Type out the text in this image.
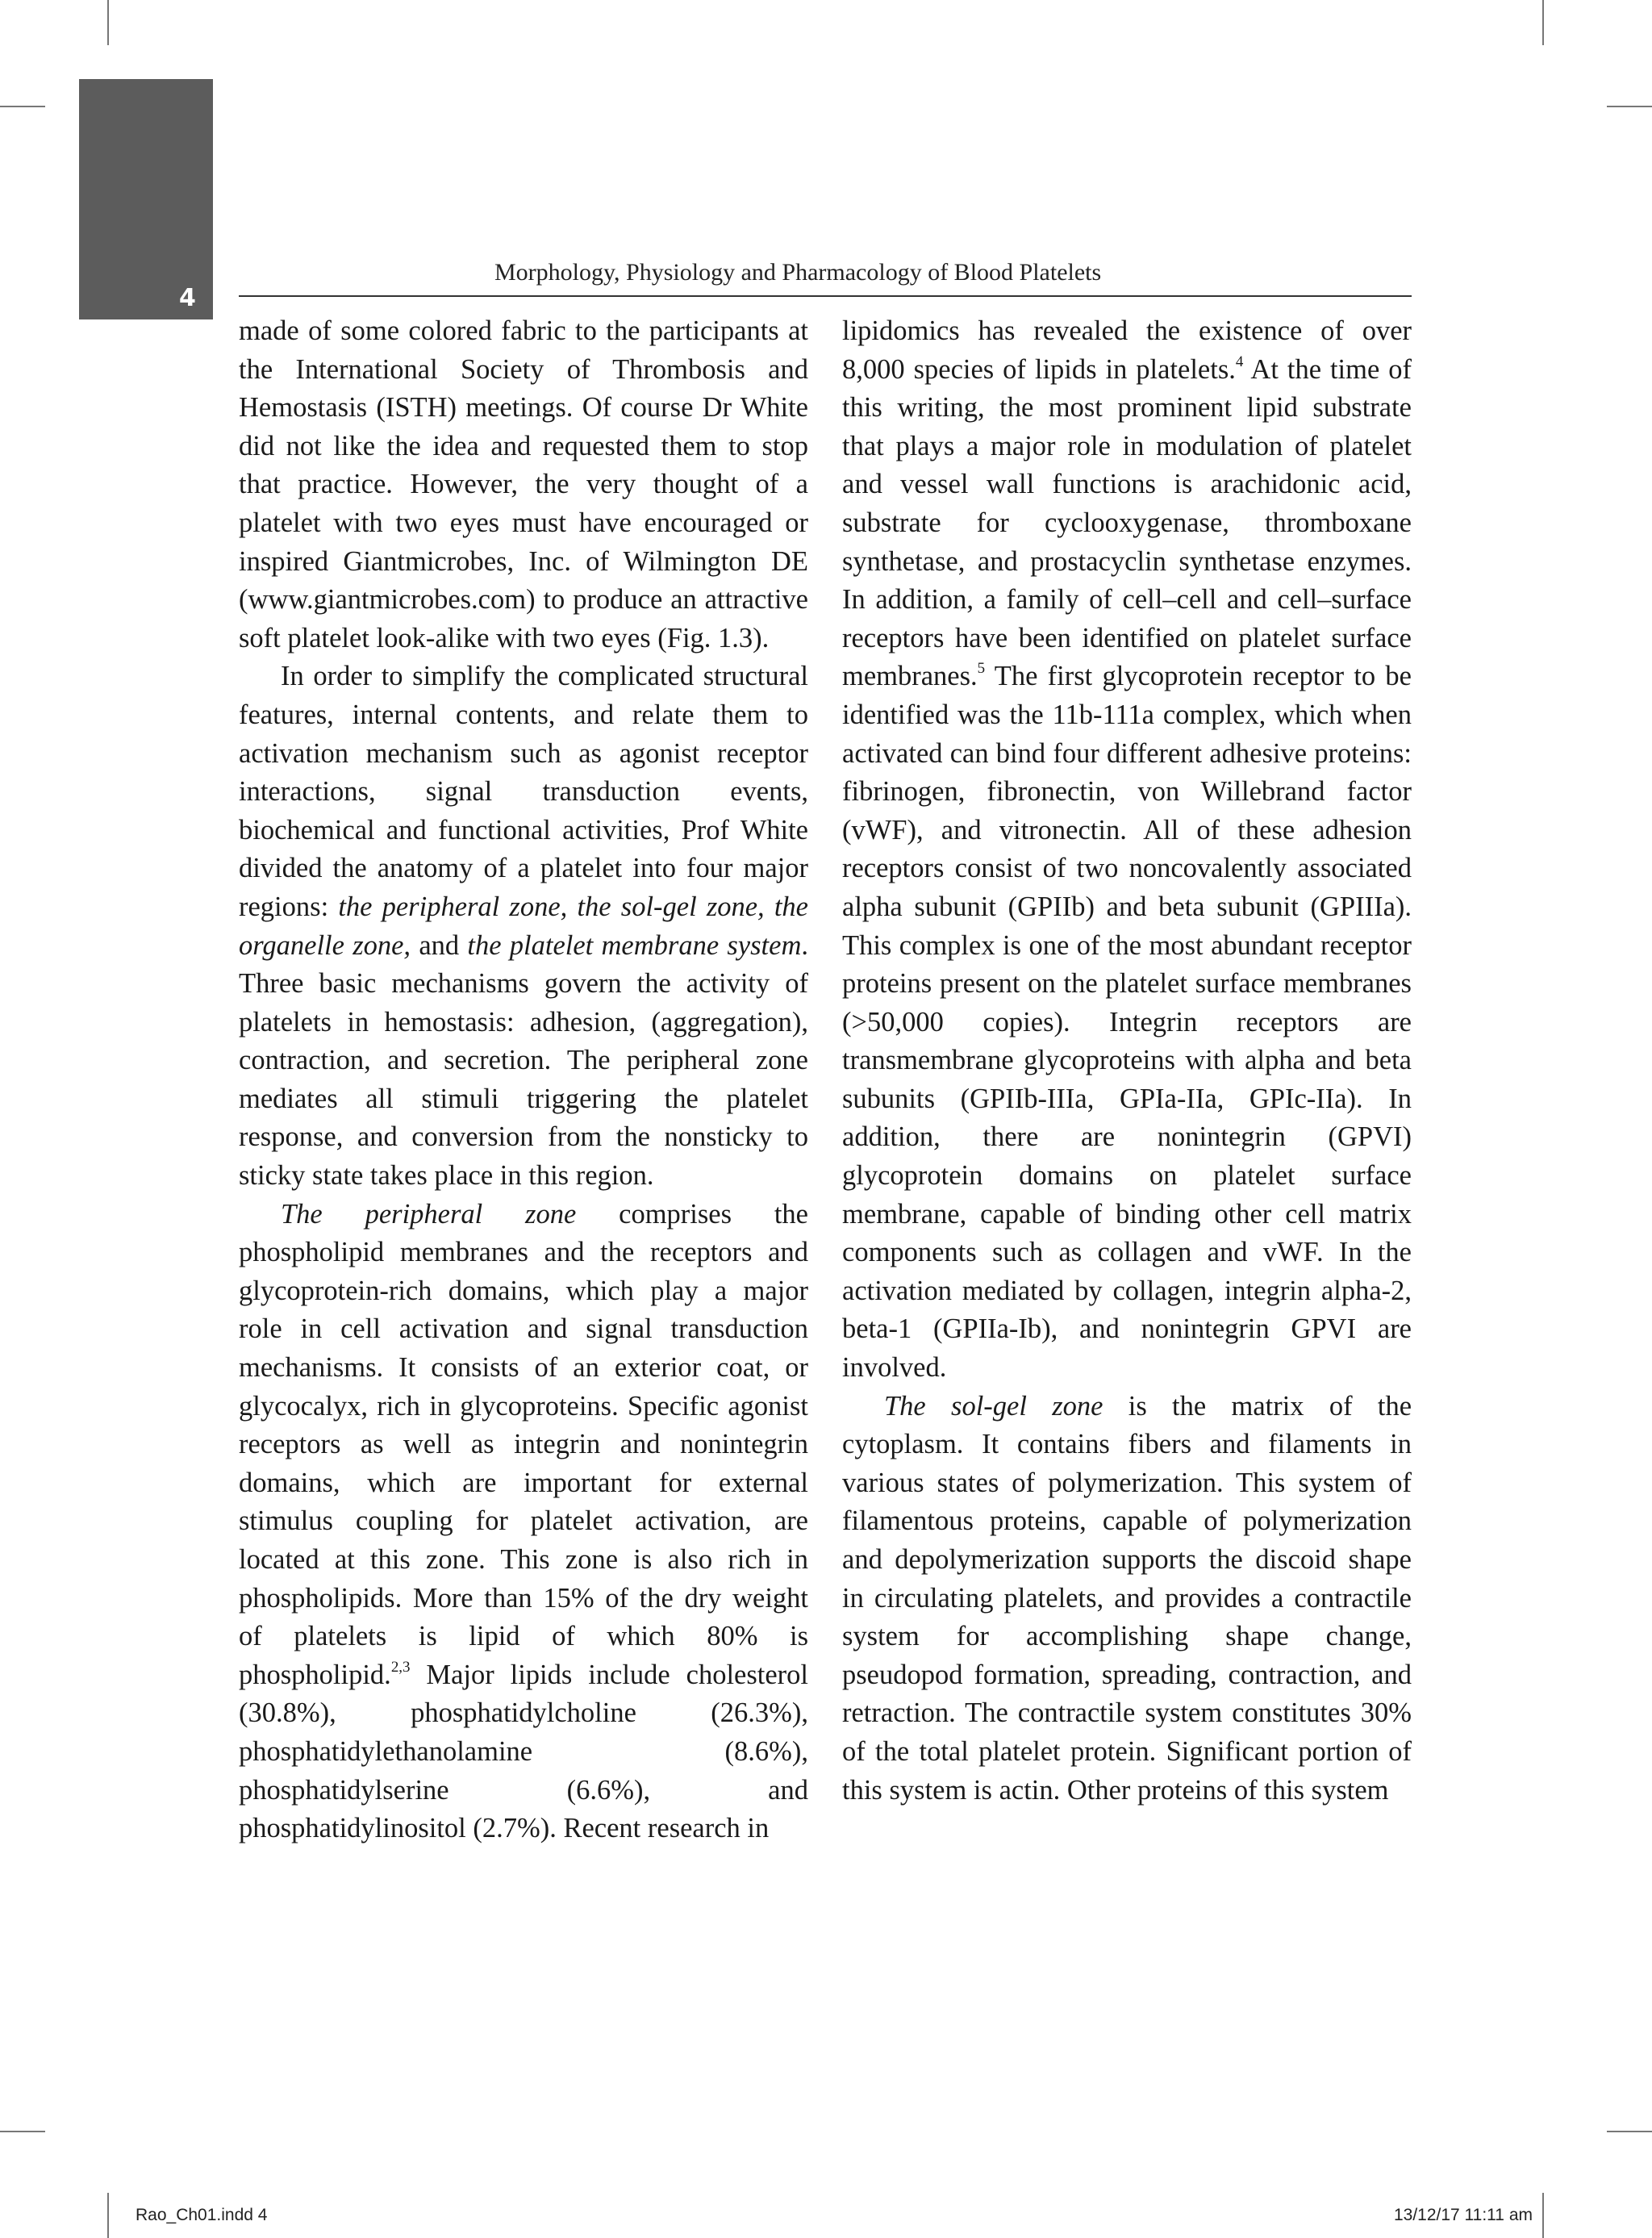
4
Morphology, Physiology and Pharmacology of Blood Platelets

made of some colored fabric to the participants at the International Society of Thrombosis and Hemostasis (ISTH) meetings. Of course Dr White did not like the idea and requested them to stop that practice. However, the very thought of a platelet with two eyes must have encouraged or inspired Giantmicrobes, Inc. of Wilmington DE (www.giantmicrobes.com) to produce an attractive soft platelet look-alike with two eyes (Fig. 1.3).

In order to simplify the complicated structural features, internal contents, and relate them to activation mechanism such as agonist receptor interactions, signal transduction events, biochemical and functional activities, Prof White divided the anatomy of a platelet into four major regions: the peripheral zone, the sol-gel zone, the organelle zone, and the platelet membrane system. Three basic mechanisms govern the activity of platelets in hemostasis: adhesion, (aggregation), contraction, and secretion. The peripheral zone mediates all stimuli triggering the platelet response, and conversion from the nonsticky to sticky state takes place in this region.

The peripheral zone comprises the phospholipid membranes and the receptors and glycoprotein-rich domains, which play a major role in cell activation and signal transduction mechanisms. It consists of an exterior coat, or glycocalyx, rich in glycoproteins. Specific agonist receptors as well as integrin and nonintegrin domains, which are important for external stimulus coupling for platelet activation, are located at this zone. This zone is also rich in phospholipids. More than 15% of the dry weight of platelets is lipid of which 80% is phospholipid.$^{2,3}$ Major lipids include cholesterol (30.8%), phosphatidylcholine (26.3%), phosphatidylethanolamine (8.6%), phosphatidylserine (6.6%), and phosphatidylinositol (2.7%). Recent research in

lipidomics has revealed the existence of over 8,000 species of lipids in platelets.$^4$ At the time of this writing, the most prominent lipid substrate that plays a major role in modulation of platelet and vessel wall functions is arachidonic acid, substrate for cyclooxygenase, thromboxane synthetase, and prostacyclin synthetase enzymes. In addition, a family of cell–cell and cell–surface receptors have been identified on platelet surface membranes.$^5$ The first glycoprotein receptor to be identified was the 11b-111a complex, which when activated can bind four different adhesive proteins: fibrinogen, fibronectin, von Willebrand factor (vWF), and vitronectin. All of these adhesion receptors consist of two noncovalently associated alpha subunit (GPIIb) and beta subunit (GPIIIa). This complex is one of the most abundant receptor proteins present on the platelet surface membranes (>50,000 copies). Integrin receptors are transmembrane glycoproteins with alpha and beta subunits (GPIIb-IIIa, GPIa-IIa, GPIc-IIa). In addition, there are nonintegrin (GPVI) glycoprotein domains on platelet surface membrane, capable of binding other cell matrix components such as collagen and vWF. In the activation mediated by collagen, integrin alpha-2, beta-1 (GPIIa-Ib), and nonintegrin GPVI are involved.

The sol-gel zone is the matrix of the cytoplasm. It contains fibers and filaments in various states of polymerization. This system of filamentous proteins, capable of polymerization and depolymerization supports the discoid shape in circulating platelets, and provides a contractile system for accomplishing shape change, pseudopod formation, spreading, contraction, and retraction. The contractile system constitutes 30% of the total platelet protein. Significant portion of this system is actin. Other proteins of this system

Rao_Ch01.indd 4	13/12/17 11:11 am
